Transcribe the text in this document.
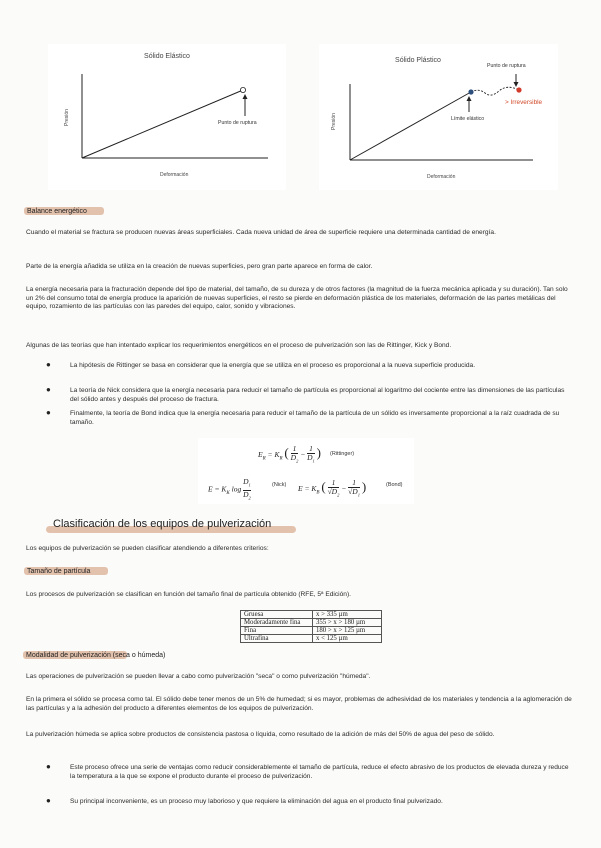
Sólido Elástico
Presión
Deformación
Punto de ruptura
Sólido Plástico
Presión
Deformación
Punto de ruptura
Límite elástico
> Irreversible
Balance energético
Cuando el material se fractura se producen nuevas áreas superficiales. Cada nueva unidad de área de superficie requiere una determinada cantidad de energía.
Parte de la energía añadida se utiliza en la creación de nuevas superficies, pero gran parte aparece en forma de calor.
La energía necesaria para la fracturación depende del tipo de material, del tamaño, de su dureza y de otros factores (la magnitud de la fuerza mecánica aplicada y su duración). Tan solo un 2% del consumo total de energía produce la aparición de nuevas superficies, el resto se pierde en deformación plástica de los materiales, deformación de las partes metálicas del equipo, rozamiento de las partículas con las paredes del equipo, calor, sonido y vibraciones.
Algunas de las teorías que han intentado explicar los requerimientos energéticos en el proceso de pulverización son las de Rittinger, Kick y Bond.
●	La hipótesis de Rittinger se basa en considerar que la energía que se utiliza en el proceso es proporcional a la nueva superficie producida.
●	La teoría de Nick considera que la energía necesaria para reducir el tamaño de partícula es proporcional al logaritmo del cociente entre las dimensiones de las partículas del sólido antes y después del proceso de fractura.
●	Finalmente, la teoría de Bond indica que la energía necesaria para reducir el tamaño de la partícula de un sólido es inversamente proporcional a la raíz cuadrada de su tamaño.
$E_R = K_R$ ( $\frac{1}{D_2} - \frac{1}{D_1}$ ) (Rittinger)
$E = K_K$ $\log \frac{D_1}{D_2}$	(Nick) $E = K_B$ ( $\frac{1}{√D_2} - \frac{1}{√D_1}$ )	(Bond)
Clasificación de los equipos de pulverización
Los equipos de pulverización se pueden clasificar atendiendo a diferentes criterios:
Tamaño de partícula
Los procesos de pulverización se clasifican en función del tamaño final de partícula obtenido (RFE, 5ª Edición).
Gruesa	x > 335 µm
Moderadamente fina	355 > x > 180 µm
Fina	180 > x > 125 µm
Ultrafina	x < 125 µm
Modalidad de pulverización (seca o húmeda)
Las operaciones de pulverización se pueden llevar a cabo como pulverización "seca" o como pulverización "húmeda".
En la primera el sólido se procesa como tal. El sólido debe tener menos de un 5% de humedad; si es mayor, problemas de adhesividad de los materiales y tendencia a la aglomeración de las partículas y a la adhesión del producto a diferentes elementos de los equipos de pulverización.
La pulverización húmeda se aplica sobre productos de consistencia pastosa o líquida, como resultado de la adición de más del 50% de agua del peso de sólido.
●	Este proceso ofrece una serie de ventajas como reducir considerablemente el tamaño de partícula, reduce el efecto abrasivo de los productos de elevada dureza y reduce la temperatura a la que se expone el producto durante el proceso de pulverización.
●	Su principal inconveniente, es un proceso muy laborioso y que requiere la eliminación del agua en el producto final pulverizado.
